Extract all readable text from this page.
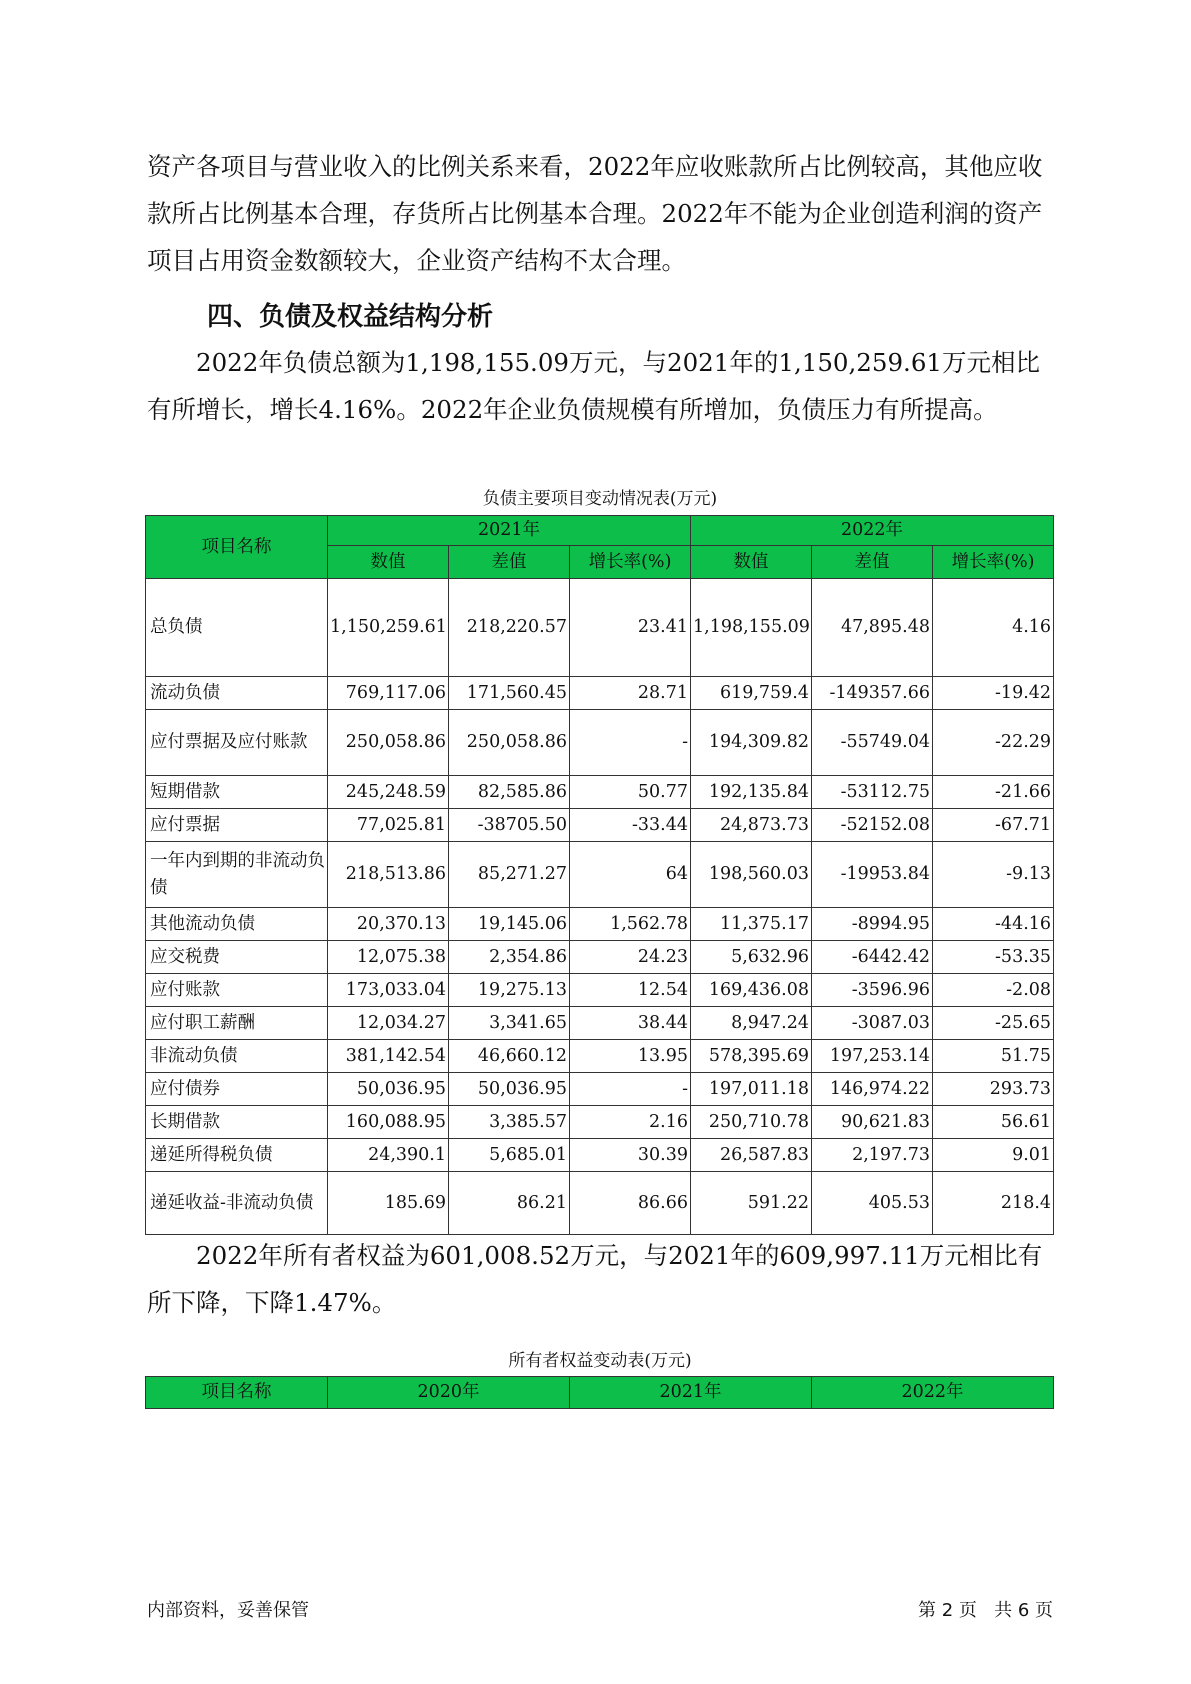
资产各项目与营业收入的比例关系来看，2022年应收账款所占比例较高，其他应收款所占比例基本合理，存货所占比例基本合理。2022年不能为企业创造利润的资产项目占用资金数额较大，企业资产结构不太合理。

四、负债及权益结构分析

2022年负债总额为1,198,155.09万元，与2021年的1,150,259.61万元相比有所增长，增长4.16%。2022年企业负债规模有所增加，负债压力有所提高。

负债主要项目变动情况表(万元)

项目名称	2021年			2022年		
	数值	差值	增长率(%)	数值	差值	增长率(%)
总负债	1,150,259.61	218,220.57	23.41	1,198,155.09	47,895.48	4.16
流动负债	769,117.06	171,560.45	28.71	619,759.4	-149357.66	-19.42
应付票据及应付账款	250,058.86	250,058.86	-	194,309.82	-55749.04	-22.29
短期借款	245,248.59	82,585.86	50.77	192,135.84	-53112.75	-21.66
应付票据	77,025.81	-38705.50	-33.44	24,873.73	-52152.08	-67.71
一年内到期的非流动负债	218,513.86	85,271.27	64	198,560.03	-19953.84	-9.13
其他流动负债	20,370.13	19,145.06	1,562.78	11,375.17	-8994.95	-44.16
应交税费	12,075.38	2,354.86	24.23	5,632.96	-6442.42	-53.35
应付账款	173,033.04	19,275.13	12.54	169,436.08	-3596.96	-2.08
应付职工薪酬	12,034.27	3,341.65	38.44	8,947.24	-3087.03	-25.65
非流动负债	381,142.54	46,660.12	13.95	578,395.69	197,253.14	51.75
应付债券	50,036.95	50,036.95	-	197,011.18	146,974.22	293.73
长期借款	160,088.95	3,385.57	2.16	250,710.78	90,621.83	56.61
递延所得税负债	24,390.1	5,685.01	30.39	26,587.83	2,197.73	9.01
递延收益-非流动负债	185.69	86.21	86.66	591.22	405.53	218.4

2022年所有者权益为601,008.52万元，与2021年的609,997.11万元相比有所下降，下降1.47%。

所有者权益变动表(万元)

项目名称	2020年	2021年	2022年

内部资料，妥善保管	第 2 页   共 6 页
